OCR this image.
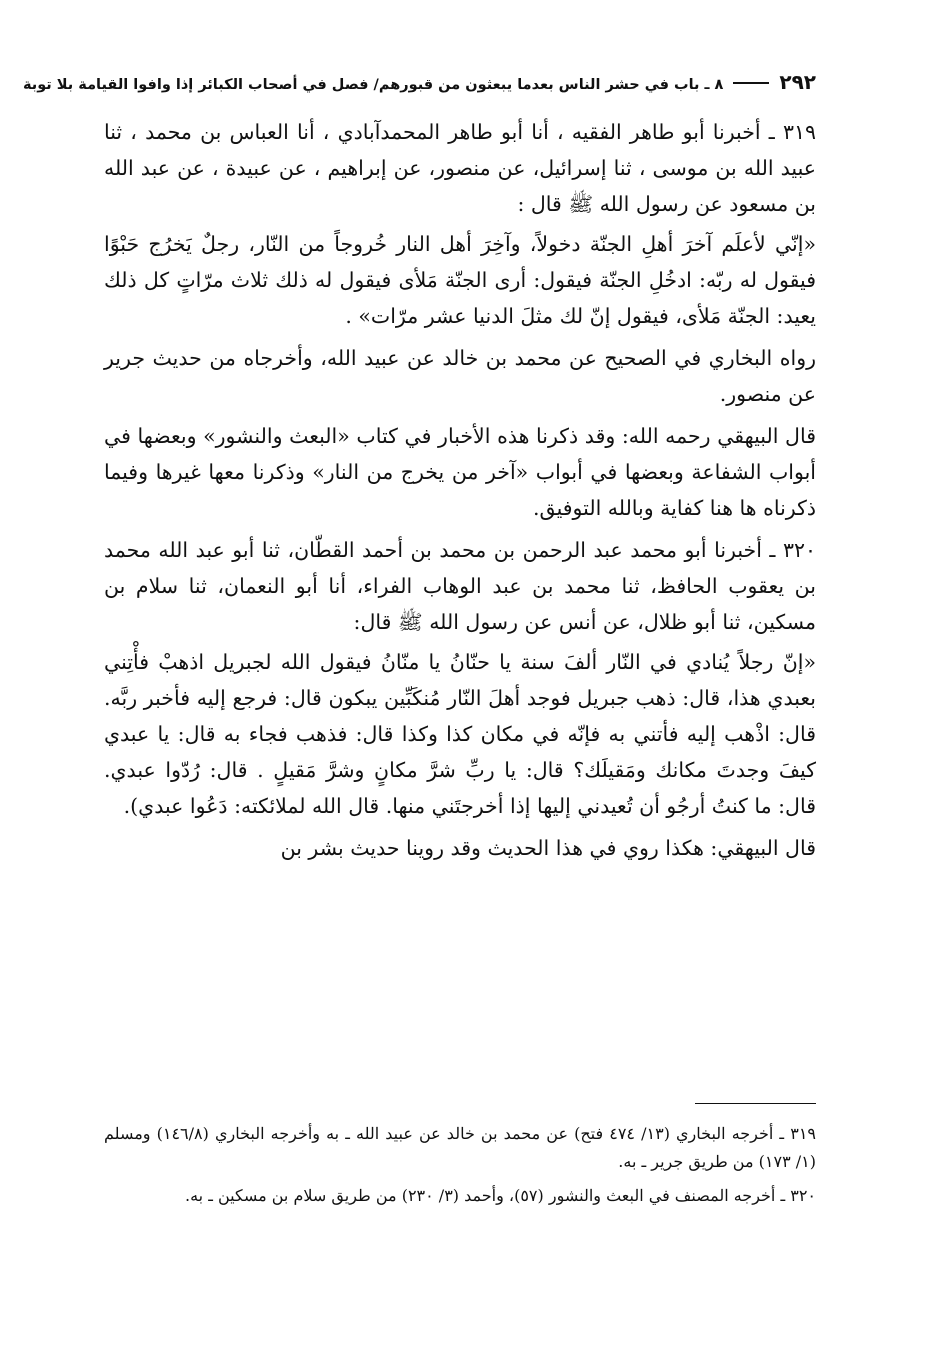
٢٩٢
٨ ـ باب في حشر الناس بعدما يبعثون من قبورهم/ فصل في أصحاب الكبائر إذا وافوا القيامة بلا توبة

٣١٩ ـ أخبرنا أبو طاهر الفقيه ، أنا أبو طاهر المحمدآبادي ، أنا العباس بن محمد ، ثنا عبيد الله بن موسى ، ثنا إسرائيل، عن منصور، عن إبراهيم ، عن عبيدة ، عن عبد الله بن مسعود عن رسول الله ﷺ قال :

«إنّي لأعلَم آخرَ أهلِ الجنّة دخولاً، وآخِرَ أهل النار خُروجاً من النّار، رجلٌ يَخرُج حَبْوًا فيقول له ربّه: ادخُلِ الجنّة فيقول: أرى الجنّة مَلأى فيقول له ذلك ثلاث مرّاتٍ كل ذلك يعيد: الجنّة مَلأى، فيقول إنّ لك مثلَ الدنيا عشر مرّات» .

رواه البخاري في الصحيح عن محمد بن خالد عن عبيد الله، وأخرجاه من حديث جرير عن منصور.

قال البيهقي رحمه الله: وقد ذكرنا هذه الأخبار في كتاب «البعث والنشور» وبعضها في أبواب الشفاعة وبعضها في أبواب «آخر من يخرج من النار» وذكرنا معها غيرها وفيما ذكرناه ها هنا كفاية وبالله التوفيق.

٣٢٠ ـ أخبرنا أبو محمد عبد الرحمن بن محمد بن أحمد القطّان، ثنا أبو عبد الله محمد بن يعقوب الحافظ، ثنا محمد بن عبد الوهاب الفراء، أنا أبو النعمان، ثنا سلام بن مسكين، ثنا أبو ظلال، عن أنس عن رسول الله ﷺ قال:

«إنّ رجلاً يُنادي في النّار ألفَ سنة يا حنّانُ يا منّانُ فيقول الله لجبريل اذهبْ فأْتِني بعبدي هذا، قال: ذهب جبريل فوجد أهلَ النّار مُنكَبِّين يبكون قال: فرجع إليه فأخبر ربَّه. قال: اذْهب إليه فأتني به فإنّه في مكان كذا وكذا قال: فذهب فجاء به قال: يا عبدي كيفَ وجدتَ مكانك ومَقيلَك؟ قال: يا ربِّ شرَّ مكانٍ وشرَّ مَقيلٍ . قال: رُدّوا عبدي. قال: ما كنتُ أرجُو أن تُعيدني إليها إذا أخرجتَني منها. قال الله لملائكته: دَعُوا عبدي).

قال البيهقي: هكذا روي في هذا الحديث وقد روينا حديث بشر بن

٣١٩ ـ أخرجه البخاري (١٣/ ٤٧٤ فتح) عن محمد بن خالد عن عبيد الله ـ به وأخرجه البخاري (١٤٦/٨) ومسلم (١/ ١٧٣) من طريق جرير ـ به.

٣٢٠ ـ أخرجه المصنف في البعث والنشور (٥٧)، وأحمد (٣/ ٢٣٠) من طريق سلام بن مسكين ـ به.
